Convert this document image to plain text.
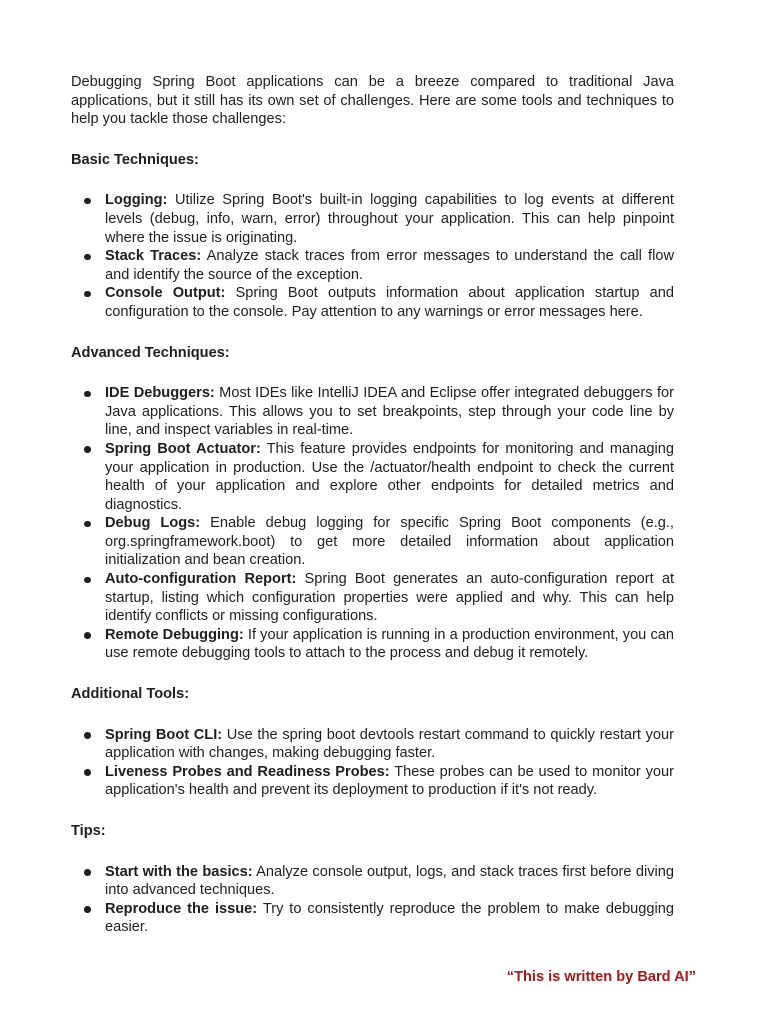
Debugging Spring Boot applications can be a breeze compared to traditional Java applications, but it still has its own set of challenges. Here are some tools and techniques to help you tackle those challenges:

Basic Techniques:
Logging: Utilize Spring Boot's built-in logging capabilities to log events at different levels (debug, info, warn, error) throughout your application. This can help pinpoint where the issue is originating.
Stack Traces: Analyze stack traces from error messages to understand the call flow and identify the source of the exception.
Console Output: Spring Boot outputs information about application startup and configuration to the console. Pay attention to any warnings or error messages here.
Advanced Techniques:
IDE Debuggers: Most IDEs like IntelliJ IDEA and Eclipse offer integrated debuggers for Java applications. This allows you to set breakpoints, step through your code line by line, and inspect variables in real-time.
Spring Boot Actuator: This feature provides endpoints for monitoring and managing your application in production. Use the /actuator/health endpoint to check the current health of your application and explore other endpoints for detailed metrics and diagnostics.
Debug Logs: Enable debug logging for specific Spring Boot components (e.g., org.springframework.boot) to get more detailed information about application initialization and bean creation.
Auto-configuration Report: Spring Boot generates an auto-configuration report at startup, listing which configuration properties were applied and why. This can help identify conflicts or missing configurations.
Remote Debugging: If your application is running in a production environment, you can use remote debugging tools to attach to the process and debug it remotely.
Additional Tools:
Spring Boot CLI: Use the spring boot devtools restart command to quickly restart your application with changes, making debugging faster.
Liveness Probes and Readiness Probes: These probes can be used to monitor your application's health and prevent its deployment to production if it's not ready.
Tips:
Start with the basics: Analyze console output, logs, and stack traces first before diving into advanced techniques.
Reproduce the issue: Try to consistently reproduce the problem to make debugging easier.
“This is written by Bard AI”
